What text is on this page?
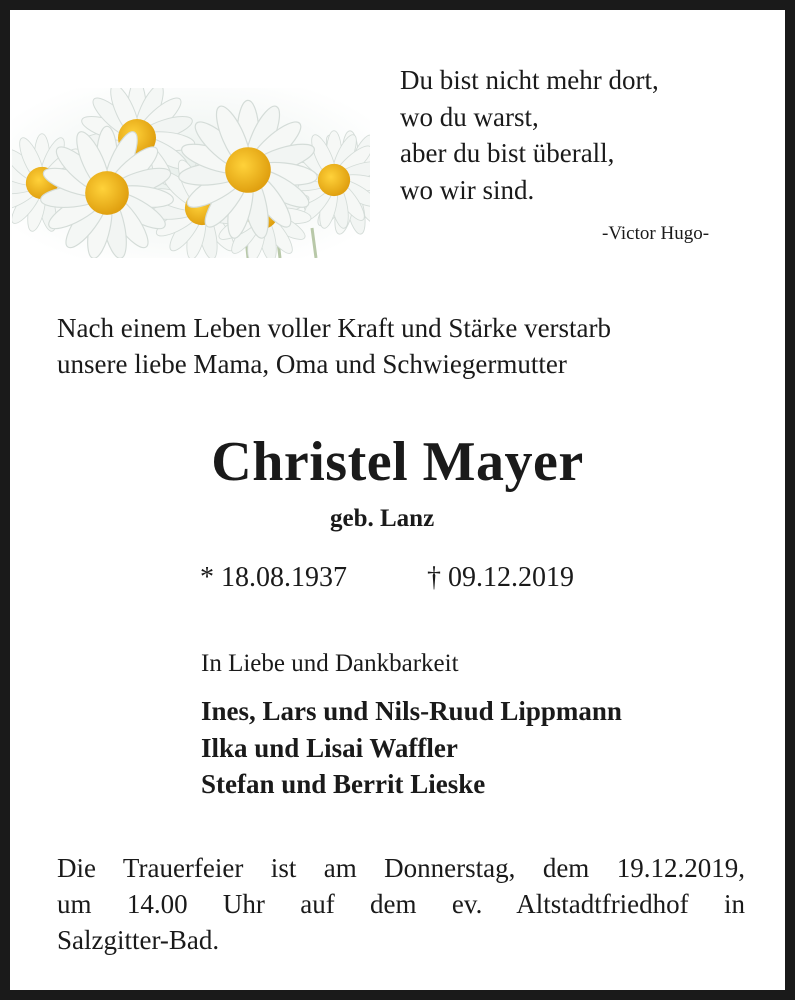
Du bist nicht mehr dort,
wo du warst,
aber du bist überall,
wo wir sind.
-Victor Hugo-
Nach einem Leben voller Kraft und Stärke verstarb
unsere liebe Mama, Oma und Schwiegermutter
Christel Mayer
geb. Lanz
* 18.08.1937	† 09.12.2019
In Liebe und Dankbarkeit
Ines, Lars und Nils-Ruud Lippmann
Ilka und Lisai Waffler
Stefan und Berrit Lieske
Die Trauerfeier ist am Donnerstag, dem 19.12.2019,
um 14.00 Uhr auf dem ev. Altstadtfriedhof in
Salzgitter-Bad.
